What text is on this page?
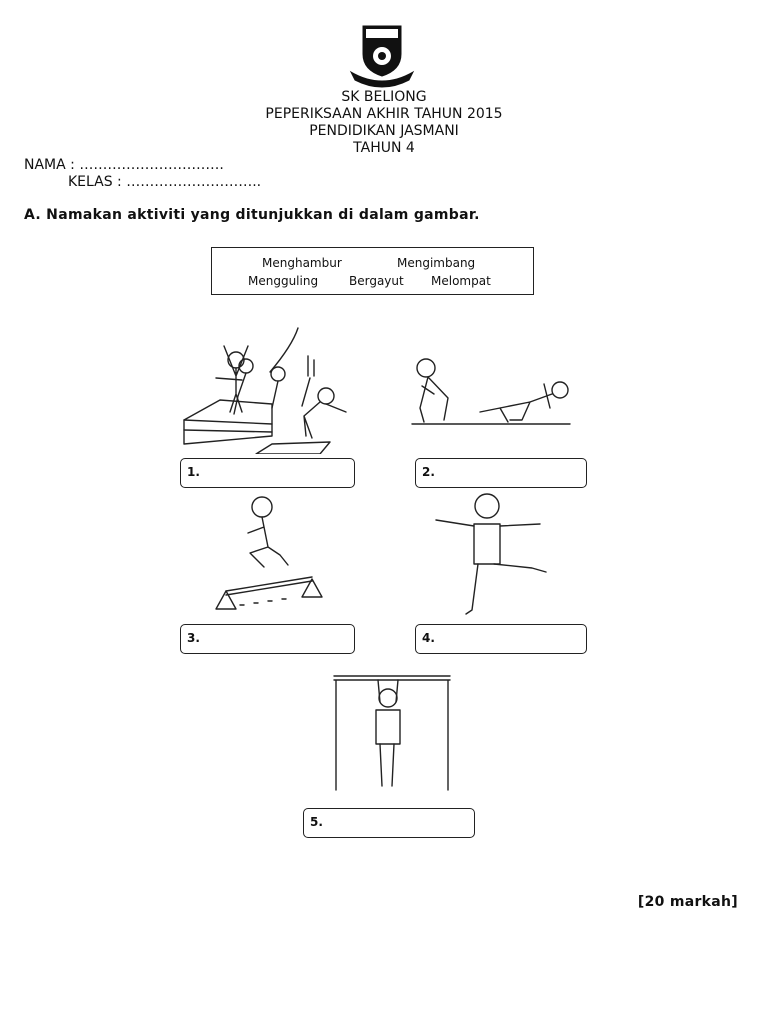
SK BELIONG
PEPERIKSAAN AKHIR TAHUN 2015
PENDIDIKAN JASMANI
TAHUN 4
NAMA : ………………………….
KELAS : ………………………..
A. Namakan aktiviti yang ditunjukkan di dalam gambar.
Menghambur	Mengimbang
Mengguling	Bergayut Melompat
1.	2.
3.	4.
5.
[20 markah]
